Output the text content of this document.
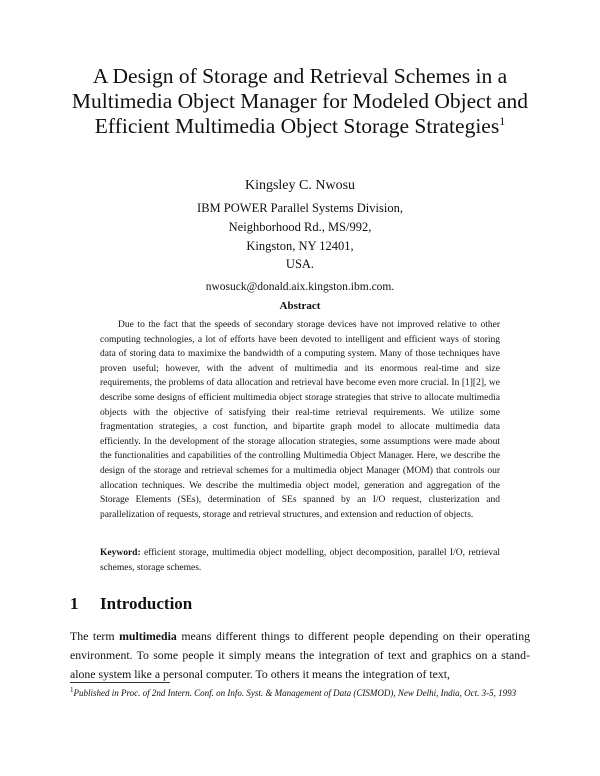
A Design of Storage and Retrieval Schemes in a Multimedia Object Manager for Modeled Object and Efficient Multimedia Object Storage Strategies$^1$
Kingsley C. Nwosu
IBM POWER Parallel Systems Division,
Neighborhood Rd., MS/992,
Kingston, NY 12401,
USA.
nwosuck@donald.aix.kingston.ibm.com.
Abstract

Due to the fact that the speeds of secondary storage devices have not improved relative to other computing technologies, a lot of efforts have been devoted to intelligent and efficient ways of storing data of storing data to maximixe the bandwidth of a computing system. Many of those techniques have proven useful; however, with the advent of multimedia and its enormous real-time and size requirements, the problems of data allocation and retrieval have become even more crucial. In [1][2], we describe some designs of efficient multimedia object storage strategies that strive to allocate multimedia objects with the objective of satisfying their real-time retrieval requirements. We utilize some fragmentation strategies, a cost function, and bipartite graph model to allocate multimedia data efficiently. In the development of the storage allocation strategies, some assumptions were made about the functionalities and capabilities of the controlling Multimedia Object Manager. Here, we describe the design of the storage and retrieval schemes for a multimedia object Manager (MOM) that controls our allocation techniques. We describe the multimedia object model, generation and aggregation of the Storage Elements (SEs), determination of SEs spanned by an I/O request, clusterization and parallelization of requests, storage and retrieval structures, and extension and reduction of objects.

Keyword: efficient storage, multimedia object modelling, object decomposition, parallel I/O, retrieval schemes, storage schemes.

1 Introduction

The term multimedia means different things to different people depending on their operating environment. To some people it simply means the integration of text and graphics on a stand-alone system like a personal computer. To others it means the integration of text,

$^1$Published in Proc. of 2nd Intern. Conf. on Info. Syst. & Management of Data (CISMOD), New Delhi, India, Oct. 3-5, 1993
